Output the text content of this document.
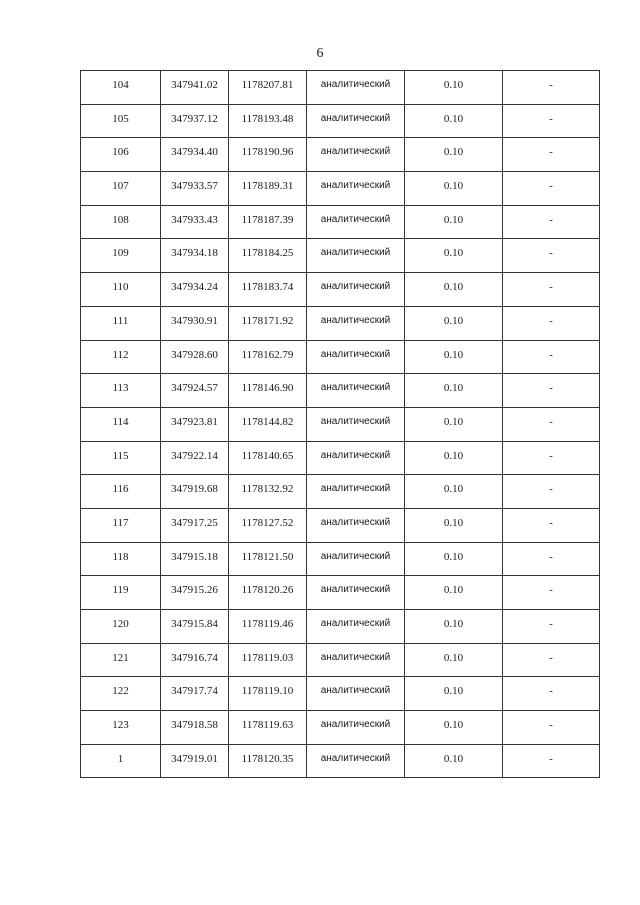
6
104	347941.02	1178207.81	аналитический	0.10	-
105	347937.12	1178193.48	аналитический	0.10	-
106	347934.40	1178190.96	аналитический	0.10	-
107	347933.57	1178189.31	аналитический	0.10	-
108	347933.43	1178187.39	аналитический	0.10	-
109	347934.18	1178184.25	аналитический	0.10	-
110	347934.24	1178183.74	аналитический	0.10	-
111	347930.91	1178171.92	аналитический	0.10	-
112	347928.60	1178162.79	аналитический	0.10	-
113	347924.57	1178146.90	аналитический	0.10	-
114	347923.81	1178144.82	аналитический	0.10	-
115	347922.14	1178140.65	аналитический	0.10	-
116	347919.68	1178132.92	аналитический	0.10	-
117	347917.25	1178127.52	аналитический	0.10	-
118	347915.18	1178121.50	аналитический	0.10	-
119	347915.26	1178120.26	аналитический	0.10	-
120	347915.84	1178119.46	аналитический	0.10	-
121	347916.74	1178119.03	аналитический	0.10	-
122	347917.74	1178119.10	аналитический	0.10	-
123	347918.58	1178119.63	аналитический	0.10	-
1	347919.01	1178120.35	аналитический	0.10	-
